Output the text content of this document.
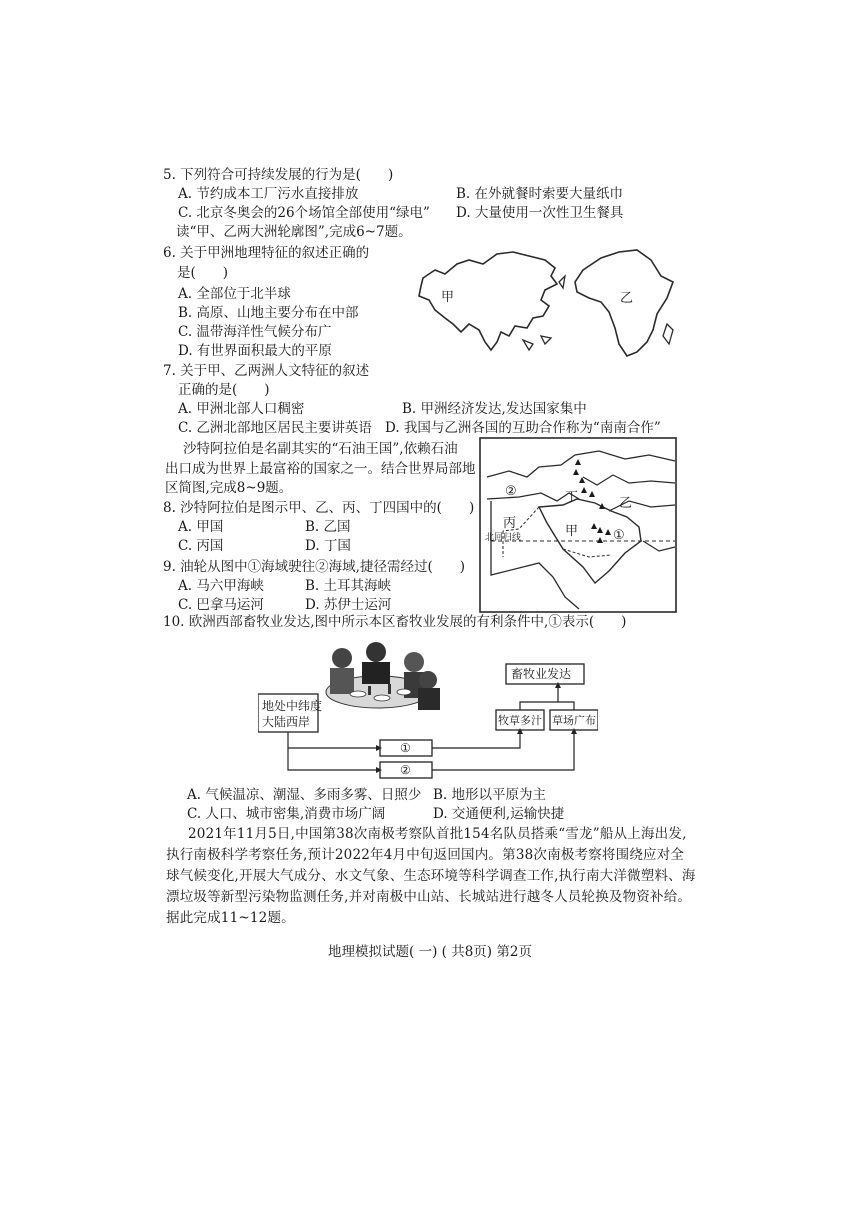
5. 下列符合可持续发展的行为是(　　)
A. 节约成本工厂污水直接排放	B. 在外就餐时索要大量纸巾
C. 北京冬奥会的26个场馆全部使用“绿电” D. 大量使用一次性卫生餐具
读“甲、乙两大洲轮廓图”,完成6~7题。
6. 关于甲洲地理特征的叙述正确的
是(　　)
A. 全部位于北半球
B. 高原、山地主要分布在中部
C. 温带海洋性气候分布广
D. 有世界面积最大的平原
甲	乙
7. 关于甲、乙两洲人文特征的叙述
正确的是(　　)
A. 甲洲北部人口稠密	B. 甲洲经济发达,发达国家集中
C. 乙洲北部地区居民主要讲英语 D. 我国与乙洲各国的互助合作称为“南南合作”
沙特阿拉伯是名副其实的“石油王国”,依赖石油
出口成为世界上最富裕的国家之一。结合世界局部地
区简图,完成8~9题。	②	丁	乙
丙
甲	①
北回归线
8. 沙特阿拉伯是图示甲、乙、丙、丁四国中的(　　)
A. 甲国	B. 乙国
C. 丙国	D. 丁国
9. 油轮从图中①海域驶往②海域,捷径需经过(　　)
A. 马六甲海峡	B. 土耳其海峡
C. 巴拿马运河	D. 苏伊士运河
10. 欧洲西部畜牧业发达,图中所示本区畜牧业发展的有利条件中,①表示(　　)
地处中纬度
大陆西岸
畜牧业发达
牧草多汁 草场广布
①
②
A. 气候温凉、潮湿、多雨多雾、日照少 B. 地形以平原为主
C. 人口、城市密集,消费市场广阔	D. 交通便利,运输快捷
2021年11月5日,中国第38次南极考察队首批154名队员搭乘“雪龙”船从上海出发,执行南极科学考察任务,预计2022年4月中旬返回国内。第38次南极考察将围绕应对全球气候变化,开展大气成分、水文气象、生态环境等科学调查工作,执行南大洋微塑料、海漂垃圾等新型污染物监测任务,并对南极中山站、长城站进行越冬人员轮换及物资补给。据此完成11~12题。
地理模拟试题( 一) ( 共8页) 第2页
